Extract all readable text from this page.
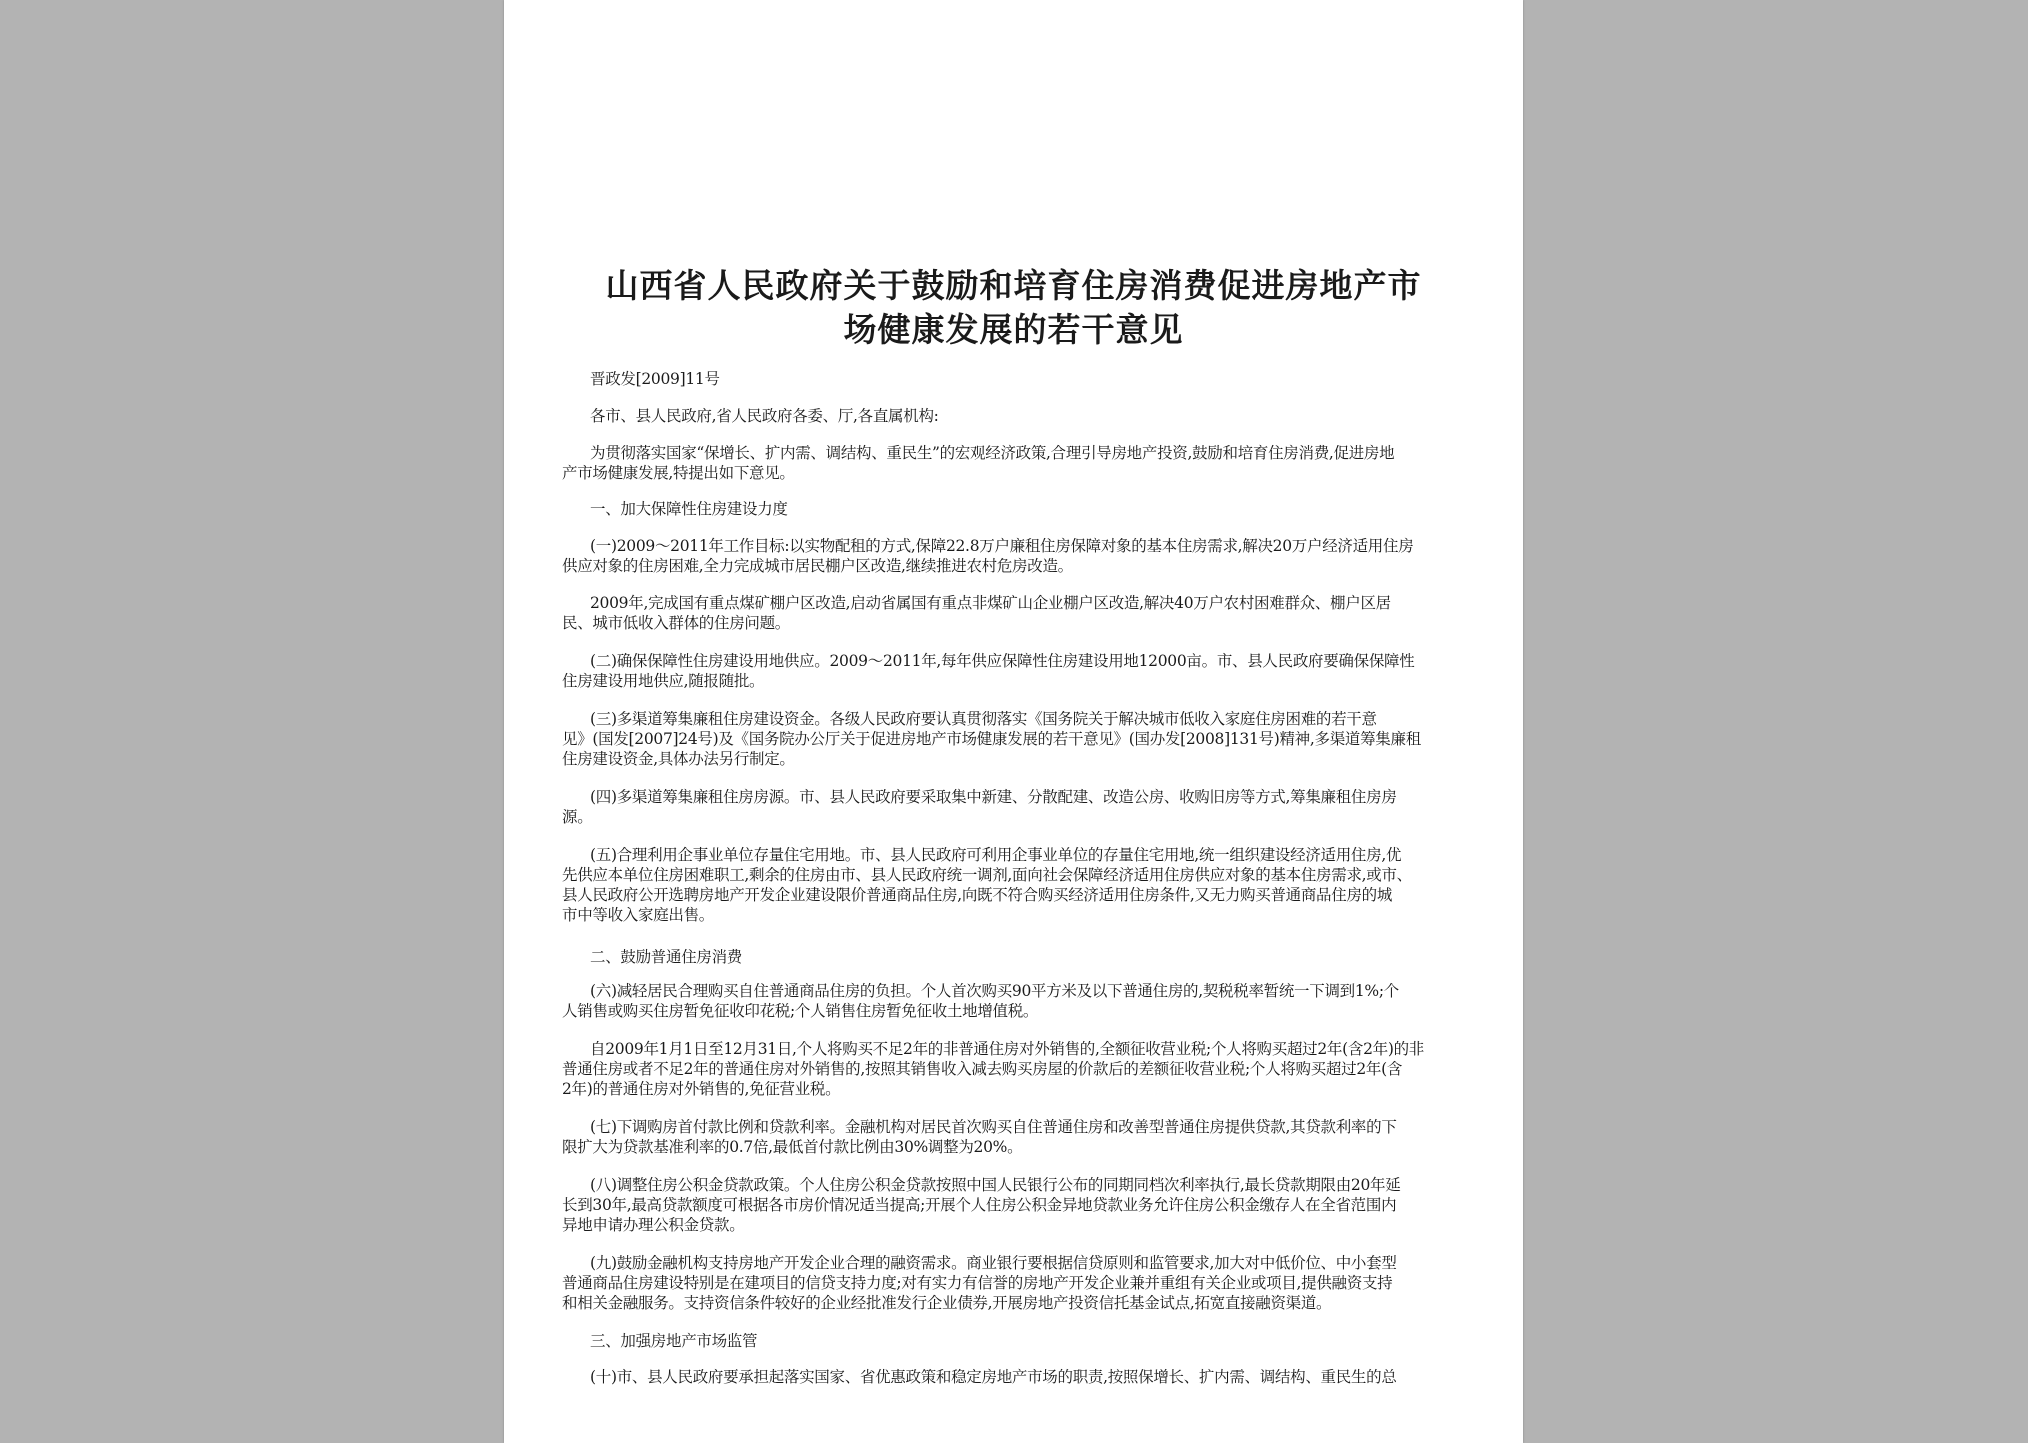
山西省人民政府关于鼓励和培育住房消费促进房地产市
场健康发展的若干意见
晋政发[2009]11号
各市、县人民政府,省人民政府各委、厅,各直属机构:
为贯彻落实国家“保增长、扩内需、调结构、重民生”的宏观经济政策,合理引导房地产投资,鼓励和培育住房消费,促进房地
产市场健康发展,特提出如下意见。
一、加大保障性住房建设力度
(一)2009～2011年工作目标:以实物配租的方式,保障22.8万户廉租住房保障对象的基本住房需求,解决20万户经济适用住房
供应对象的住房困难,全力完成城市居民棚户区改造,继续推进农村危房改造。
2009年,完成国有重点煤矿棚户区改造,启动省属国有重点非煤矿山企业棚户区改造,解决40万户农村困难群众、棚户区居
民、城市低收入群体的住房问题。
(二)确保保障性住房建设用地供应。2009～2011年,每年供应保障性住房建设用地12000亩。市、县人民政府要确保保障性
住房建设用地供应,随报随批。
(三)多渠道筹集廉租住房建设资金。各级人民政府要认真贯彻落实《国务院关于解决城市低收入家庭住房困难的若干意
见》(国发[2007]24号)及《国务院办公厅关于促进房地产市场健康发展的若干意见》(国办发[2008]131号)精神,多渠道筹集廉租
住房建设资金,具体办法另行制定。
(四)多渠道筹集廉租住房房源。市、县人民政府要采取集中新建、分散配建、改造公房、收购旧房等方式,筹集廉租住房房
源。
(五)合理利用企事业单位存量住宅用地。市、县人民政府可利用企事业单位的存量住宅用地,统一组织建设经济适用住房,优
先供应本单位住房困难职工,剩余的住房由市、县人民政府统一调剂,面向社会保障经济适用住房供应对象的基本住房需求,或市、
县人民政府公开选聘房地产开发企业建设限价普通商品住房,向既不符合购买经济适用住房条件,又无力购买普通商品住房的城
市中等收入家庭出售。
二、鼓励普通住房消费
(六)减轻居民合理购买自住普通商品住房的负担。个人首次购买90平方米及以下普通住房的,契税税率暂统一下调到1%;个
人销售或购买住房暂免征收印花税;个人销售住房暂免征收土地增值税。
自2009年1月1日至12月31日,个人将购买不足2年的非普通住房对外销售的,全额征收营业税;个人将购买超过2年(含2年)的非
普通住房或者不足2年的普通住房对外销售的,按照其销售收入减去购买房屋的价款后的差额征收营业税;个人将购买超过2年(含
2年)的普通住房对外销售的,免征营业税。
(七)下调购房首付款比例和贷款利率。金融机构对居民首次购买自住普通住房和改善型普通住房提供贷款,其贷款利率的下
限扩大为贷款基准利率的0.7倍,最低首付款比例由30%调整为20%。
(八)调整住房公积金贷款政策。个人住房公积金贷款按照中国人民银行公布的同期同档次利率执行,最长贷款期限由20年延
长到30年,最高贷款额度可根据各市房价情况适当提高;开展个人住房公积金异地贷款业务允许住房公积金缴存人在全省范围内
异地申请办理公积金贷款。
(九)鼓励金融机构支持房地产开发企业合理的融资需求。商业银行要根据信贷原则和监管要求,加大对中低价位、中小套型
普通商品住房建设特别是在建项目的信贷支持力度;对有实力有信誉的房地产开发企业兼并重组有关企业或项目,提供融资支持
和相关金融服务。支持资信条件较好的企业经批准发行企业债券,开展房地产投资信托基金试点,拓宽直接融资渠道。
三、加强房地产市场监管
(十)市、县人民政府要承担起落实国家、省优惠政策和稳定房地产市场的职责,按照保增长、扩内需、调结构、重民生的总
